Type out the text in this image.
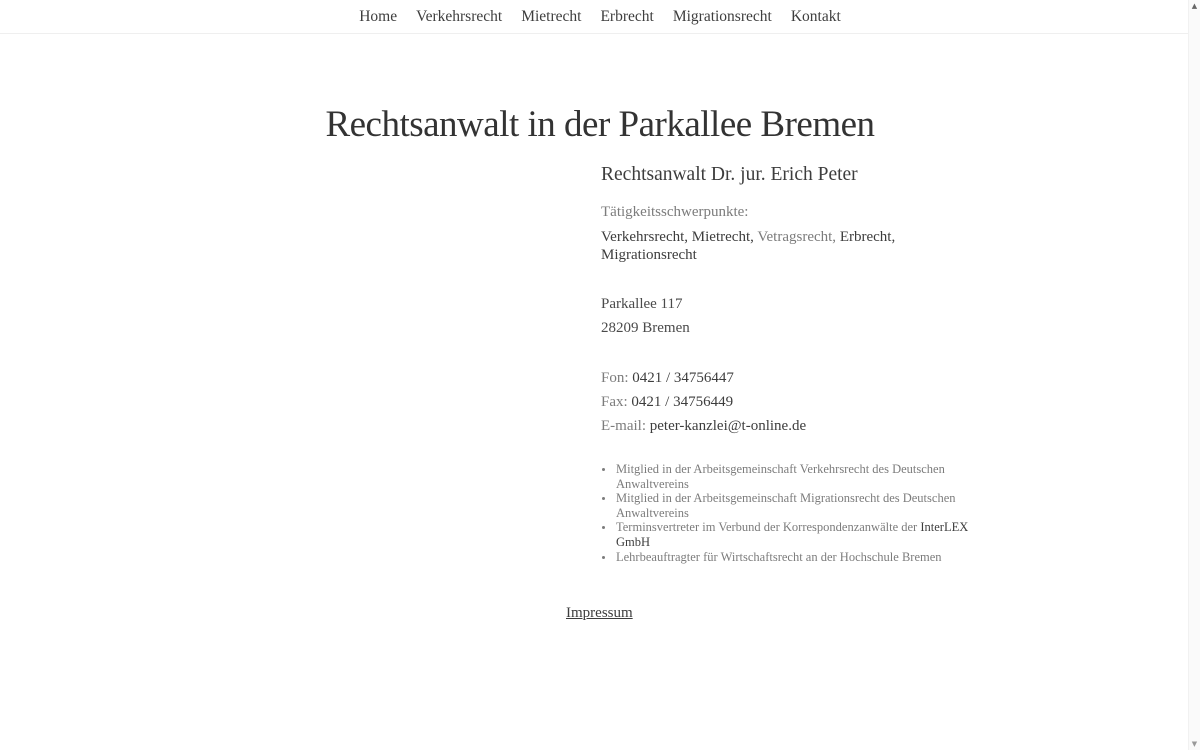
Home Verkehrsrecht Mietrecht Erbrecht Migrationsrecht Kontakt
Rechtsanwalt in der Parkallee Bremen
Rechtsanwalt Dr. jur. Erich Peter

Tätigkeitsschwerpunkte:

Verkehrsrecht, Mietrecht, Vetragsrecht, Erbrecht, Migrationsrecht

Parkallee 117

28209 Bremen

Fon: 0421 / 34756447

Fax: 0421 / 34756449

E-mail: peter-kanzlei@t-online.de

• Mitglied in der Arbeitsgemeinschaft Verkehrsrecht des Deutschen Anwaltvereins
• Mitglied in der Arbeitsgemeinschaft Migrationsrecht des Deutschen Anwaltvereins
• Terminsvertreter im Verbund der Korrespondenzanwälte der InterLEX GmbH
• Lehrbeauftragter für Wirtschaftsrecht an der Hochschule Bremen

Impressum

▲
▼
